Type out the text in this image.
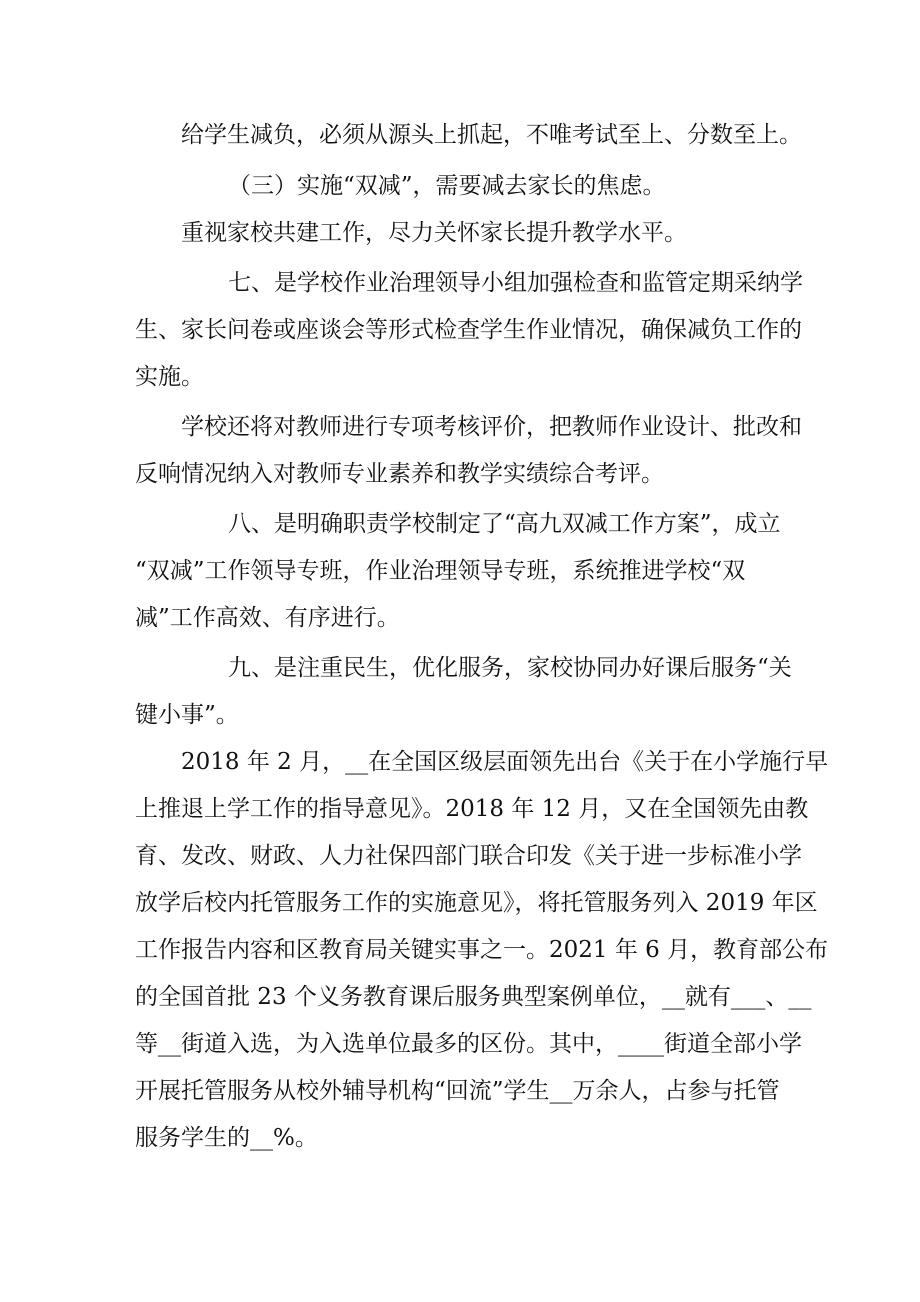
给学生减负，必须从源头上抓起，不唯考试至上、分数至上。
（三）实施“双减”，需要减去家长的焦虑。
重视家校共建工作，尽力关怀家长提升教学水平。
七、是学校作业治理领导小组加强检查和监管定期采纳学
生、家长问卷或座谈会等形式检查学生作业情况，确保减负工作的
实施。
学校还将对教师进行专项考核评价，把教师作业设计、批改和
反响情况纳入对教师专业素养和教学实绩综合考评。
八、是明确职责学校制定了“高九双减工作方案”，成立
“双减”工作领导专班，作业治理领导专班，系统推进学校“双
减”工作高效、有序进行。
九、是注重民生，优化服务，家校协同办好课后服务“关
键小事”。
2018 年 2 月，__在全国区级层面领先出台《关于在小学施行早
上推退上学工作的指导意见》。2018 年 12 月，又在全国领先由教
育、发改、财政、人力社保四部门联合印发《关于进一步标准小学
放学后校内托管服务工作的实施意见》，将托管服务列入 2019 年区
工作报告内容和区教育局关键实事之一。2021 年 6 月，教育部公布
的全国首批 23 个义务教育课后服务典型案例单位，__就有___、__
等__街道入选，为入选单位最多的区份。其中，____街道全部小学
开展托管服务从校外辅导机构“回流”学生__万余人，占参与托管
服务学生的__%。
